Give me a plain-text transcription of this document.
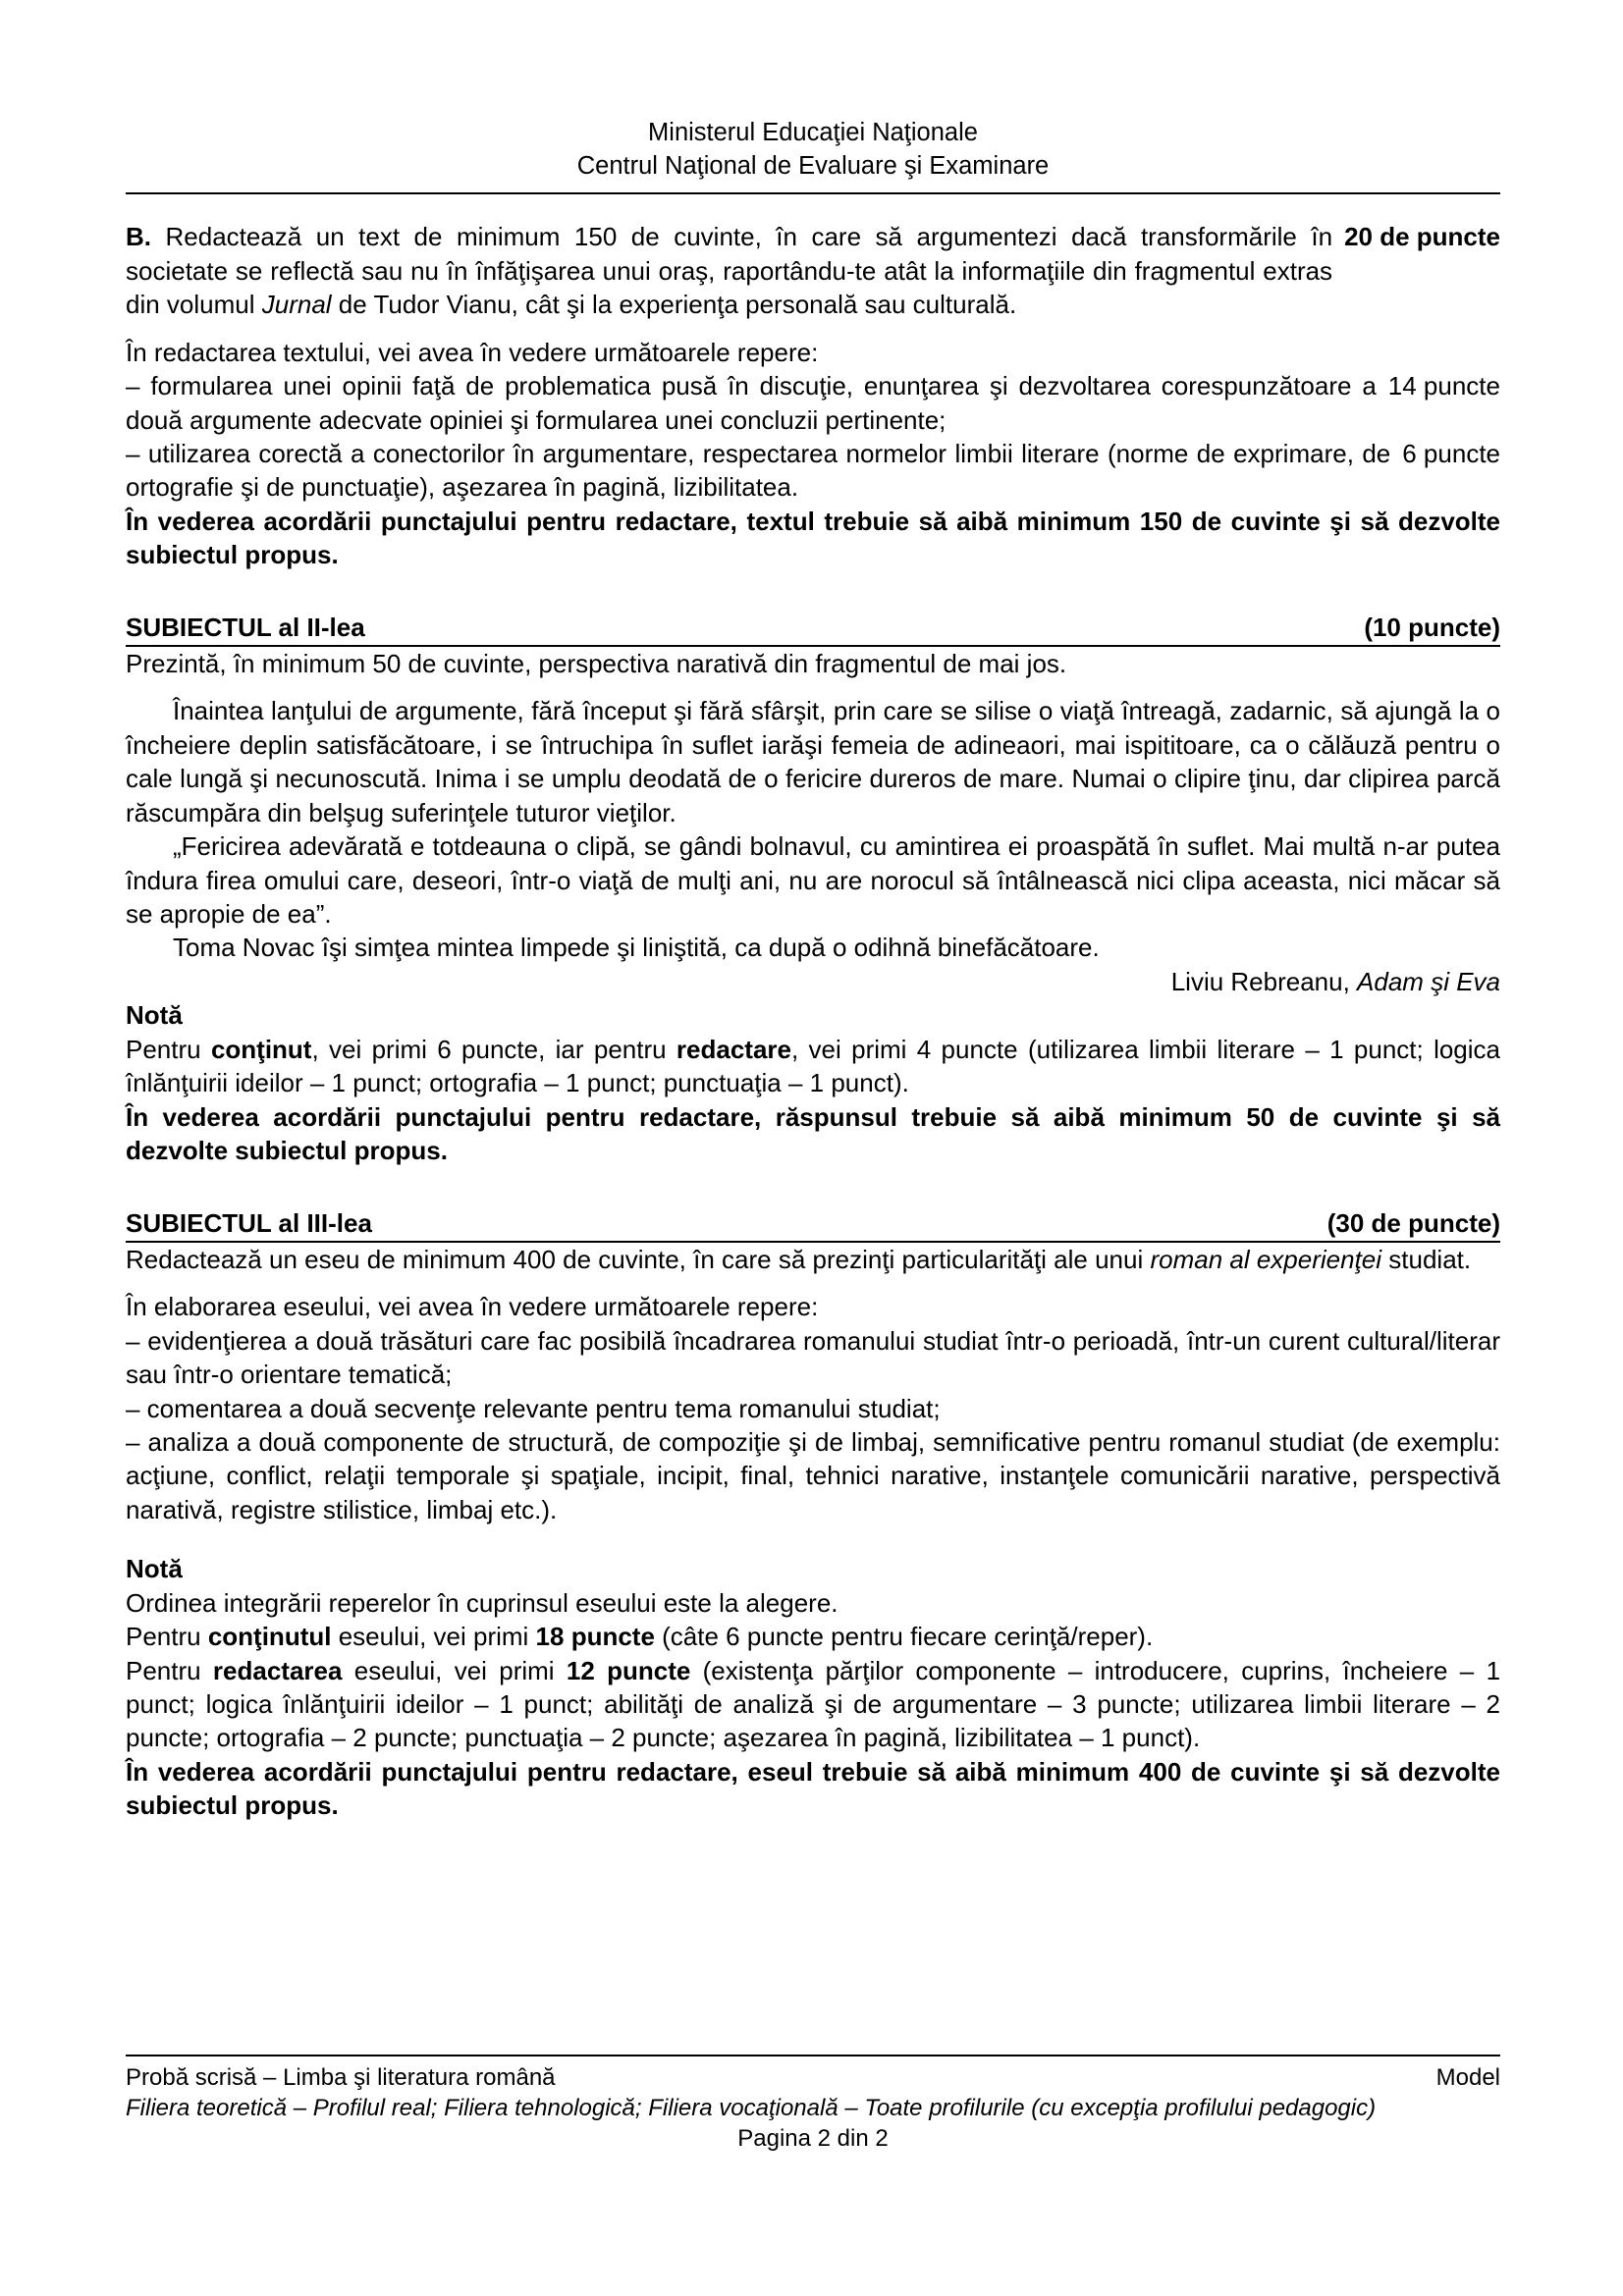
Ministerul Educaţiei Naţionale
Centrul Naţional de Evaluare şi Examinare
B. Redactează un text de minimum 150 de cuvinte, în care să argumentezi dacă transformările în societate se reflectă sau nu în înfăţişarea unui oraş, raportându-te atât la informaţiile din fragmentul extras din volumul Jurnal de Tudor Vianu, cât şi la experienţa personală sau culturală.
20 de puncte

În redactarea textului, vei avea în vedere următoarele repere:

– formularea unei opinii faţă de problematica pusă în discuţie, enunţarea şi dezvoltarea corespunzătoare a două argumente adecvate opiniei şi formularea unei concluzii pertinente;
14 puncte
– utilizarea corectă a conectorilor în argumentare, respectarea normelor limbii literare (norme de exprimare, de ortografie şi de punctuaţie), aşezarea în pagină, lizibilitatea.
6 puncte

În vederea acordării punctajului pentru redactare, textul trebuie să aibă minimum 150 de cuvinte şi să dezvolte subiectul propus.

SUBIECTUL al II-lea	(10 puncte)

Prezintă, în minimum 50 de cuvinte, perspectiva narativă din fragmentul de mai jos.

Înaintea lanţului de argumente, fără început şi fără sfârşit, prin care se silise o viaţă întreagă, zadarnic, să ajungă la o încheiere deplin satisfăcătoare, i se întruchipa în suflet iarăşi femeia de adineaori, mai ispititoare, ca o călăuză pentru o cale lungă şi necunoscută. Inima i se umplu deodată de o fericire dureros de mare. Numai o clipire ţinu, dar clipirea parcă răscumpăra din belşug suferinţele tuturor vieţilor.

„Fericirea adevărată e totdeauna o clipă, se gândi bolnavul, cu amintirea ei proaspătă în suflet. Mai multă n-ar putea îndura firea omului care, deseori, într-o viaţă de mulţi ani, nu are norocul să întâlnească nici clipa aceasta, nici măcar să se apropie de ea”.

Toma Novac îşi simţea mintea limpede şi liniştită, ca după o odihnă binefăcătoare.

Liviu Rebreanu, Adam şi Eva
Notă

Pentru conţinut, vei primi 6 puncte, iar pentru redactare, vei primi 4 puncte (utilizarea limbii literare – 1 punct; logica înlănţuirii ideilor – 1 punct; ortografia – 1 punct; punctuaţia – 1 punct).

În vederea acordării punctajului pentru redactare, răspunsul trebuie să aibă minimum 50 de cuvinte şi să dezvolte subiectul propus.

SUBIECTUL al III-lea	(30 de puncte)

Redactează un eseu de minimum 400 de cuvinte, în care să prezinţi particularităţi ale unui roman al experienţei studiat.

În elaborarea eseului, vei avea în vedere următoarele repere:

– evidenţierea a două trăsături care fac posibilă încadrarea romanului studiat într-o perioadă, într-un curent cultural/literar sau într-o orientare tematică;

– comentarea a două secvenţe relevante pentru tema romanului studiat;

– analiza a două componente de structură, de compoziţie şi de limbaj, semnificative pentru romanul studiat (de exemplu: acţiune, conflict, relaţii temporale şi spaţiale, incipit, final, tehnici narative, instanţele comunicării narative, perspectivă narativă, registre stilistice, limbaj etc.).

Notă

Ordinea integrării reperelor în cuprinsul eseului este la alegere.

Pentru conţinutul eseului, vei primi 18 puncte (câte 6 puncte pentru fiecare cerinţă/reper).

Pentru redactarea eseului, vei primi 12 puncte (existenţa părţilor componente – introducere, cuprins, încheiere – 1 punct; logica înlănţuirii ideilor – 1 punct; abilităţi de analiză şi de argumentare – 3 puncte; utilizarea limbii literare – 2 puncte; ortografia – 2 puncte; punctuaţia – 2 puncte; aşezarea în pagină, lizibilitatea – 1 punct).

În vederea acordării punctajului pentru redactare, eseul trebuie să aibă minimum 400 de cuvinte şi să dezvolte subiectul propus.

Probă scrisă – Limba şi literatura română	Model
Filiera teoretică – Profilul real; Filiera tehnologică; Filiera vocaţională – Toate profilurile (cu excepţia profilului pedagogic)
Pagina 2 din 2
